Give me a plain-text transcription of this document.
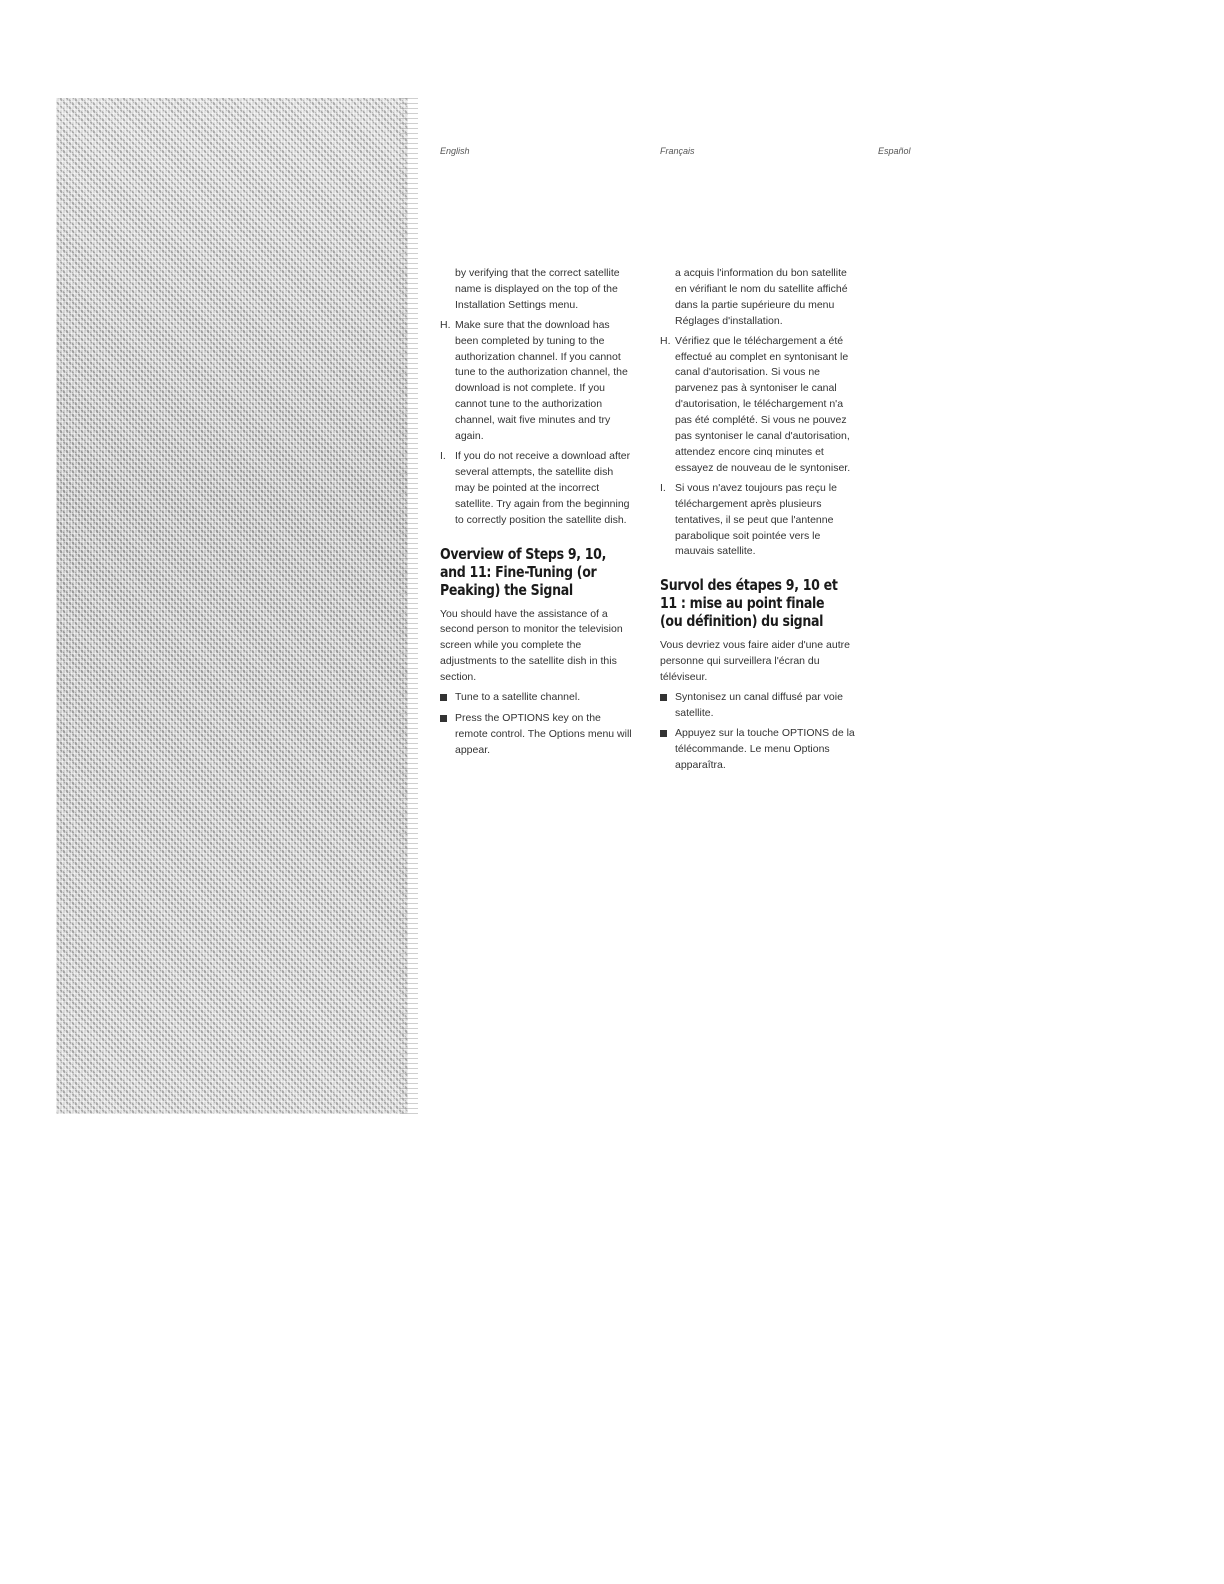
English	Français	Español

by verifying that the correct satellite name is displayed on the top of the Installation Settings menu.

H. Make sure that the download has been completed by tuning to the authorization channel. If you cannot tune to the authorization channel, the download is not complete. If you cannot tune to the authorization channel, wait five minutes and try again.
I. If you do not receive a download after several attempts, the satellite dish may be pointed at the incorrect satellite. Try again from the beginning to correctly position the satellite dish.
Overview of Steps 9, 10, and 11: Fine-Tuning (or Peaking) the Signal

You should have the assistance of a second person to monitor the television screen while you complete the adjustments to the satellite dish in this section.

Tune to a satellite channel.
Press the OPTIONS key on the remote control. The Options menu will appear.

a acquis l'information du bon satellite en vérifiant le nom du satellite affiché dans la partie supérieure du menu Réglages d'installation.

H. Vérifiez que le téléchargement a été effectué au complet en syntonisant le canal d'autorisation. Si vous ne parvenez pas à syntoniser le canal d'autorisation, le téléchargement n'a pas été complété. Si vous ne pouvez pas syntoniser le canal d'autorisation, attendez encore cinq minutes et essayez de nouveau de le syntoniser.
I. Si vous n'avez toujours pas reçu le téléchargement après plusieurs tentatives, il se peut que l'antenne parabolique soit pointée vers le mauvais satellite.
Survol des étapes 9, 10 et 11 : mise au point finale (ou définition) du signal

Vous devriez vous faire aider d'une autre personne qui surveillera l'écran du téléviseur.

Syntonisez un canal diffusé par voie satellite.
Appuyez sur la touche OPTIONS de la télécommande. Le menu Options apparaîtra.
